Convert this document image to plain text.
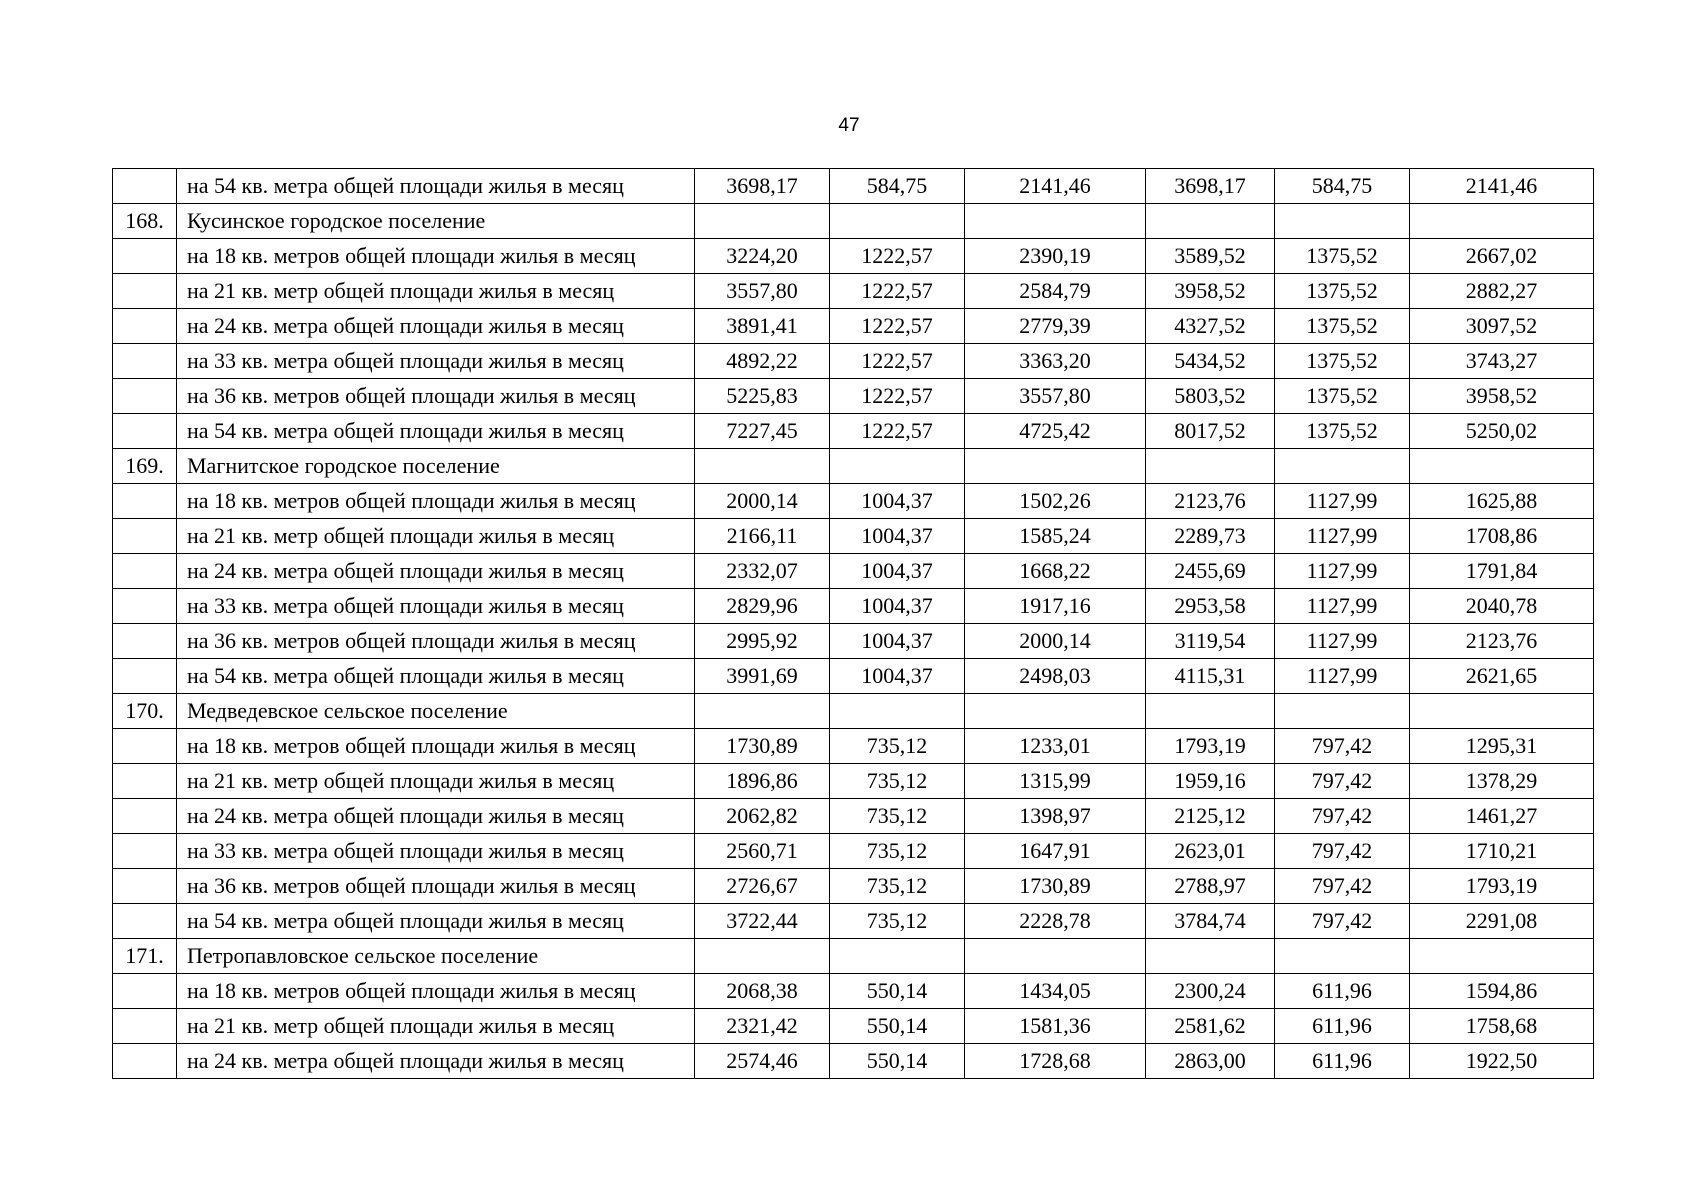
47
	на 54 кв. метра общей площади жилья в месяц	3698,17	584,75	2141,46	3698,17	584,75	2141,46
168.	Кусинское городское поселение						
	на 18 кв. метров общей площади жилья в месяц	3224,20	1222,57	2390,19	3589,52	1375,52	2667,02
	на 21 кв. метр общей площади жилья в месяц	3557,80	1222,57	2584,79	3958,52	1375,52	2882,27
	на 24 кв. метра общей площади жилья в месяц	3891,41	1222,57	2779,39	4327,52	1375,52	3097,52
	на 33 кв. метра общей площади жилья в месяц	4892,22	1222,57	3363,20	5434,52	1375,52	3743,27
	на 36 кв. метров общей площади жилья в месяц	5225,83	1222,57	3557,80	5803,52	1375,52	3958,52
	на 54 кв. метра общей площади жилья в месяц	7227,45	1222,57	4725,42	8017,52	1375,52	5250,02
169.	Магнитское городское поселение						
	на 18 кв. метров общей площади жилья в месяц	2000,14	1004,37	1502,26	2123,76	1127,99	1625,88
	на 21 кв. метр общей площади жилья в месяц	2166,11	1004,37	1585,24	2289,73	1127,99	1708,86
	на 24 кв. метра общей площади жилья в месяц	2332,07	1004,37	1668,22	2455,69	1127,99	1791,84
	на 33 кв. метра общей площади жилья в месяц	2829,96	1004,37	1917,16	2953,58	1127,99	2040,78
	на 36 кв. метров общей площади жилья в месяц	2995,92	1004,37	2000,14	3119,54	1127,99	2123,76
	на 54 кв. метра общей площади жилья в месяц	3991,69	1004,37	2498,03	4115,31	1127,99	2621,65
170.	Медведевское сельское поселение						
	на 18 кв. метров общей площади жилья в месяц	1730,89	735,12	1233,01	1793,19	797,42	1295,31
	на 21 кв. метр общей площади жилья в месяц	1896,86	735,12	1315,99	1959,16	797,42	1378,29
	на 24 кв. метра общей площади жилья в месяц	2062,82	735,12	1398,97	2125,12	797,42	1461,27
	на 33 кв. метра общей площади жилья в месяц	2560,71	735,12	1647,91	2623,01	797,42	1710,21
	на 36 кв. метров общей площади жилья в месяц	2726,67	735,12	1730,89	2788,97	797,42	1793,19
	на 54 кв. метра общей площади жилья в месяц	3722,44	735,12	2228,78	3784,74	797,42	2291,08
171.	Петропавловское сельское поселение						
	на 18 кв. метров общей площади жилья в месяц	2068,38	550,14	1434,05	2300,24	611,96	1594,86
	на 21 кв. метр общей площади жилья в месяц	2321,42	550,14	1581,36	2581,62	611,96	1758,68
	на 24 кв. метра общей площади жилья в месяц	2574,46	550,14	1728,68	2863,00	611,96	1922,50
